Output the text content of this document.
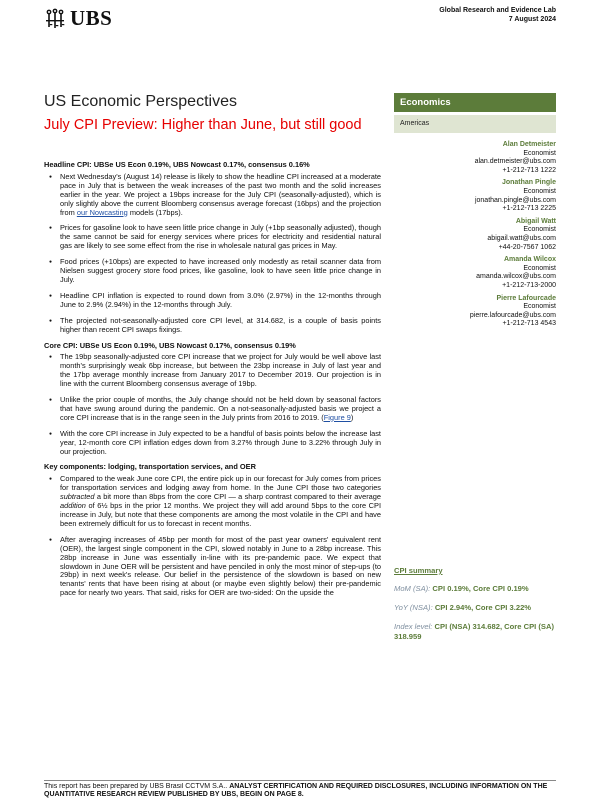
UBS	Global Research and Evidence Lab
7 August 2024
US Economic Perspectives
July CPI Preview: Higher than June, but still good
Economics
Americas
Alan Detmeister
Economist
alan.detmeister@ubs.com
+1-212-713 1222
Jonathan Pingle
Economist
jonathan.pingle@ubs.com
+1-212-713 2225
Abigail Watt
Economist
abigail.watt@ubs.com
+44-20-7567 1062
Amanda Wilcox
Economist
amanda.wilcox@ubs.com
+1-212-713-2000
Pierre Lafourcade
Economist
pierre.lafourcade@ubs.com
+1-212-713 4543
Headline CPI: UBSe US Econ 0.19%, UBS Nowcast 0.17%, consensus 0.16%
● Next Wednesday's (August 14) release is likely to show the headline CPI increased at a moderate pace in July that is between the weak increases of the past two month and the solid increases earlier in the year. We project a 19bps increase for the July CPI (seasonally-adjusted), which is only slightly above the current Bloomberg consensus average forecast (16bps) and the projection from our Nowcasting models (17bps).
● Prices for gasoline look to have seen little price change in July (+1bp seasonally adjusted), though the same cannot be said for energy services where prices for electricity and residential natural gas are likely to see some effect from the rise in wholesale natural gas prices in May.
● Food prices (+10bps) are expected to have increased only modestly as retail scanner data from Nielsen suggest grocery store food prices, like gasoline, look to have seen little price change in July.
● Headline CPI inflation is expected to round down from 3.0% (2.97%) in the 12-months through June to 2.9% (2.94%) in the 12-months through July.
● The projected not-seasonally-adjusted core CPI level, at 314.682, is a couple of basis points higher than recent CPI swaps fixings.
Core CPI: UBSe US Econ 0.19%, UBS Nowcast 0.17%, consensus 0.19%
● The 19bp seasonally-adjusted core CPI increase that we project for July would be well above last month's surprisingly weak 6bp increase, but between the 23bp increase in July of last year and the 17bp average monthly increase from January 2017 to December 2019. Our projection is in line with the current Bloomberg consensus average of 19bp.
● Unlike the prior couple of months, the July change should not be held down by seasonal factors that have swung around during the pandemic. On a not-seasonally-adjusted basis we project a core CPI increase that is in the range seen in the July prints from 2016 to 2019. (Figure 9)
● With the core CPI increase in July expected to be a handful of basis points below the increase last year, 12-month core CPI inflation edges down from 3.27% through June to 3.22% through July in our projection.
Key components: lodging, transportation services, and OER
● Compared to the weak June core CPI, the entire pick up in our forecast for July comes from prices for transportation services and lodging away from home. In the June CPI those two categories subtracted a bit more than 8bps from the core CPI — a sharp contrast compared to their average addition of 6½ bps in the prior 12 months. We project they will add around 5bps to the core CPI increase in July, but note that these components are among the most volatile in the CPI and have been extremely difficult for us to forecast in recent months.
● After averaging increases of 45bp per month for most of the past year owners' equivalent rent (OER), the largest single component in the CPI, slowed notably in June to a 28bp increase. This 28bp increase in June was essentially in-line with its pre-pandemic pace. We expect that slowdown in June OER will be persistent and have penciled in only the most minor of step-ups (to 29bp) in next week's release. Our belief in the persistence of the slowdown is based on new tenants' rents that have been rising at about (or maybe even slightly below) their pre-pandemic pace for nearly two years. That said, risks for OER are two-sided: On the upside the
CPI summary
MoM (SA): CPI 0.19%, Core CPI 0.19%
YoY (NSA): CPI 2.94%, Core CPI 3.22%
Index level: CPI (NSA) 314.682, Core CPI (SA) 318.959
This report has been prepared by UBS Brasil CCTVM S.A.. ANALYST CERTIFICATION AND REQUIRED DISCLOSURES, INCLUDING INFORMATION ON THE QUANTITATIVE RESEARCH REVIEW PUBLISHED BY UBS, BEGIN ON PAGE 8.
